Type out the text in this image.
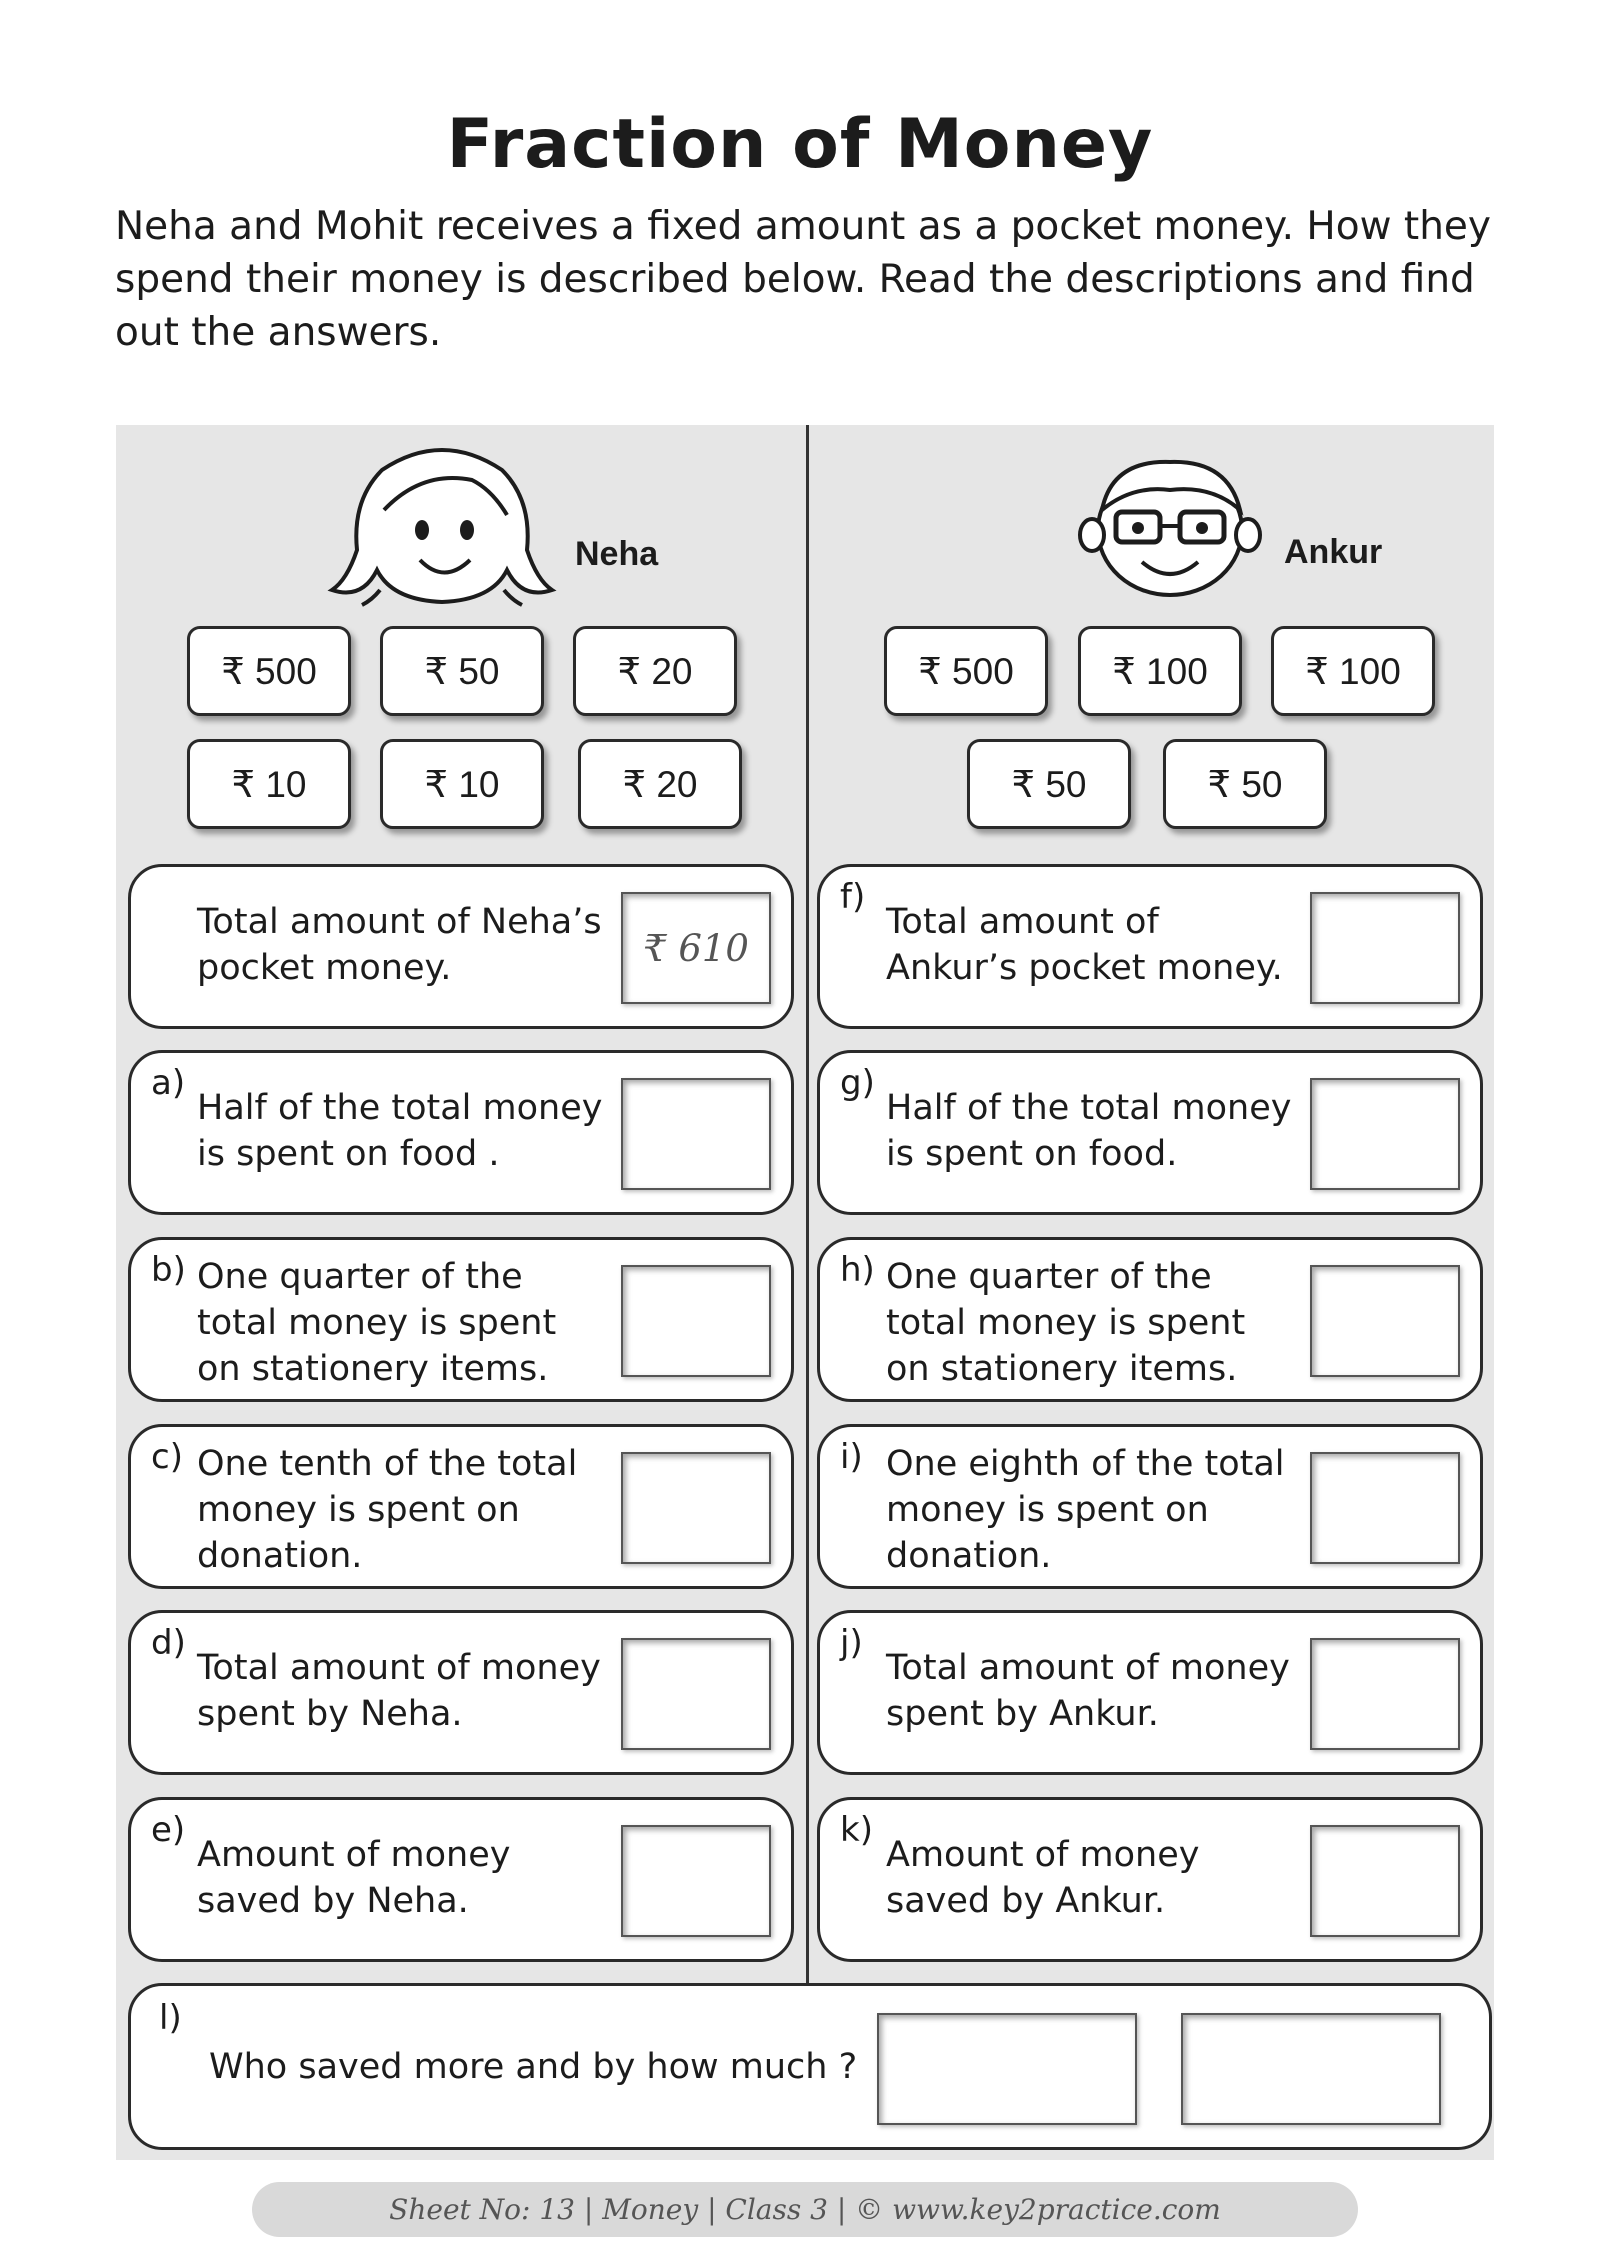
Fraction of Money
Neha and Mohit receives a fixed amount as a pocket money. How they spend their money is described below. Read the descriptions and find out the answers.
Neha	Ankur
₹ 500	₹ 50	₹ 20
₹ 10	₹ 10	₹ 20
₹ 500	₹ 100	₹ 100
₹ 50	₹ 50
Total amount of Neha’s pocket money.	₹ 610
a)
Half of the total money is spent on food .
b) One quarter of the total money is spent on stationery items.
c) One tenth of the total money is spent on donation.
d)
Total amount of money spent by Neha.
e)
Amount of money saved by Neha.
f)
Total amount of Ankur’s pocket money.
g)
Half of the total money is spent on food.
h) One quarter of the total money is spent on stationery items.
i) One eighth of the total money is spent on donation.
j)
Total amount of money spent by Ankur.
k)
Amount of money saved by Ankur.
l)
Who saved more and by how much ?
Sheet No: 13 | Money | Class 3 | © www.key2practice.com
